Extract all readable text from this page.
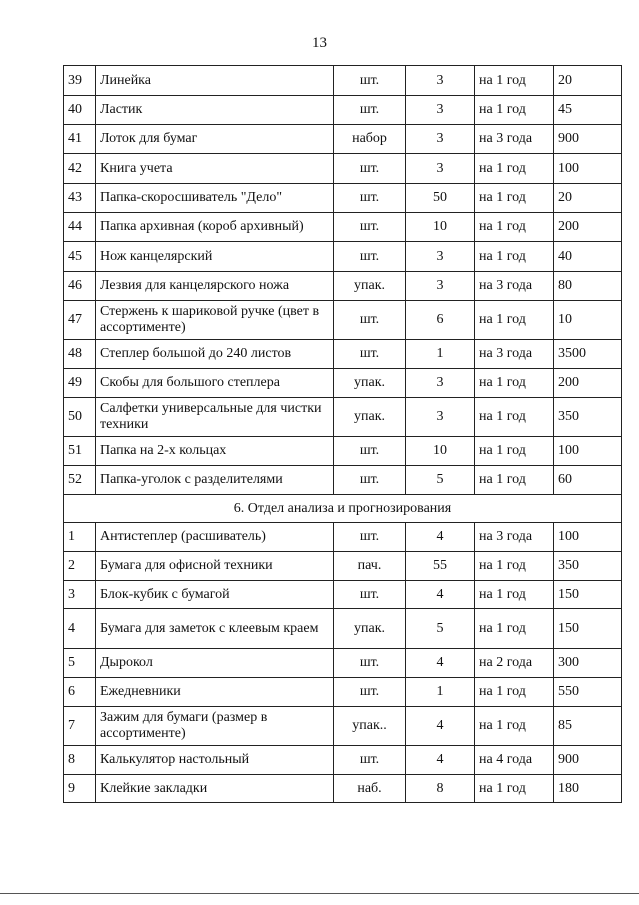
13
39	Линейка	шт.	3	на 1 год	20
40	Ластик	шт.	3	на 1 год	45
41	Лоток для бумаг	набор	3	на 3 года	900
42	Книга учета	шт.	3	на 1 год	100
43	Папка-скоросшиватель "Дело"	шт.	50	на 1 год	20
44	Папка архивная (короб архивный)	шт.	10	на 1 год	200
45	Нож канцелярский	шт.	3	на 1 год	40
46	Лезвия для канцелярского ножа	упак.	3	на 3 года	80
47	Стержень к шариковой ручке (цвет в ассортименте)	шт.	6	на 1 год	10
48	Степлер большой до 240 листов	шт.	1	на 3 года	3500
49	Скобы для большого степлера	упак.	3	на 1 год	200
50	Салфетки универсальные для чистки техники	упак.	3	на 1 год	350
51	Папка на 2-х кольцах	шт.	10	на 1 год	100
52	Папка-уголок с разделителями	шт.	5	на 1 год	60
6. Отдел анализа и прогнозирования					
1	Антистеплер (расшиватель)	шт.	4	на 3 года	100
2	Бумага для офисной техники	пач.	55	на 1 год	350
3	Блок-кубик с бумагой	шт.	4	на 1 год	150
4	Бумага для заметок с клеевым краем	упак.	5	на 1 год	150
5	Дырокол	шт.	4	на 2 года	300
6	Ежедневники	шт.	1	на 1 год	550
7	Зажим для бумаги (размер в ассортименте)	упак..	4	на 1 год	85
8	Калькулятор настольный	шт.	4	на 4 года	900
9	Клейкие закладки	наб.	8	на 1 год	180
